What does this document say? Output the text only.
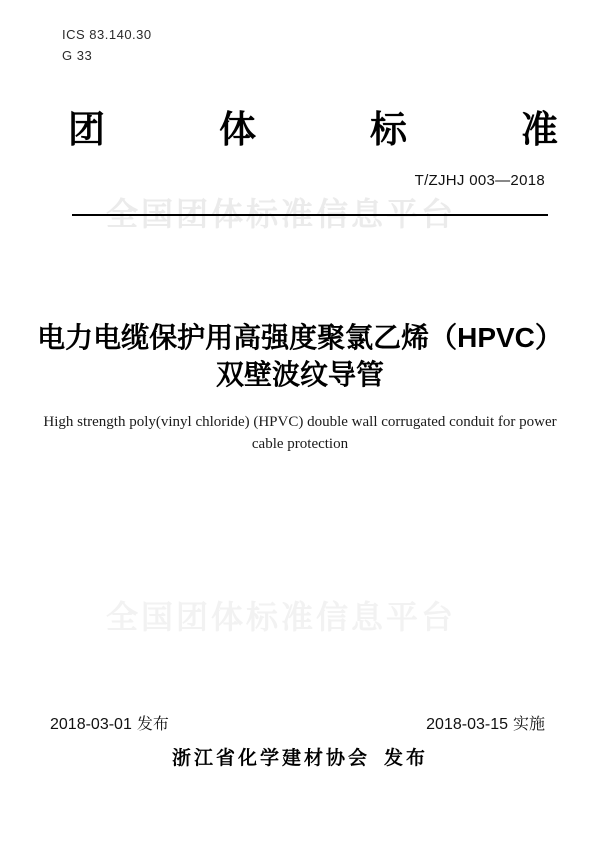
ICS 83.140.30
G 33
团	体	标	准
T/ZJHJ 003—2018
全国团体标准信息平台
电力电缆保护用高强度聚氯乙烯（HPVC）
双壁波纹导管
High strength poly(vinyl chloride) (HPVC) double wall corrugated conduit for power
cable protection
全国团体标准信息平台
2018-03-01 发布	2018-03-15 实施
浙江省化学建材协会 发布
